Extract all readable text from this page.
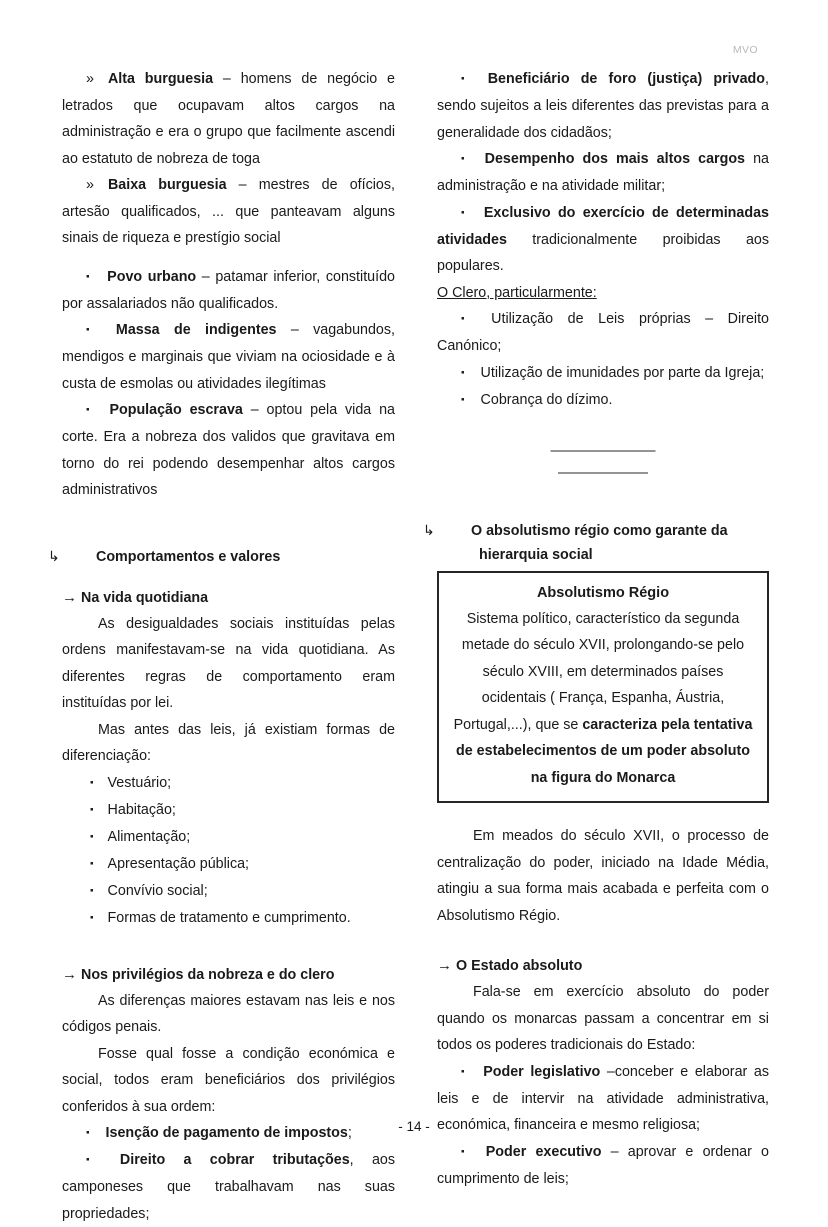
MVO

» Alta burguesia – homens de negócio e letrados que ocupavam altos cargos na administração e era o grupo que facilmente ascendi ao estatuto de nobreza de toga

» Baixa burguesia – mestres de ofícios, artesão qualificados, ... que panteavam alguns sinais de riqueza e prestígio social

▪ Povo urbano – patamar inferior, constituído por assalariados não qualificados.

▪ Massa de indigentes – vagabundos, mendigos e marginais que viviam na ociosidade e à custa de esmolas ou atividades ilegítimas

▪ População escrava – optou pela vida na corte. Era a nobreza dos validos que gravitava em torno do rei podendo desempenhar altos cargos administrativos

↳	Comportamentos e valores

→ Na vida quotidiana

As desigualdades sociais instituídas pelas ordens manifestavam-se na vida quotidiana. As diferentes regras de comportamento eram instituídas por lei.

Mas antes das leis, já existiam formas de diferenciação:

▪ Vestuário;

▪ Habitação;

▪ Alimentação;

▪ Apresentação pública;

▪ Convívio social;

▪ Formas de tratamento e cumprimento.

→ Nos privilégios da nobreza e do clero

As diferenças maiores estavam nas leis e nos códigos penais.

Fosse qual fosse a condição económica e social, todos eram beneficiários dos privilégios conferidos à sua ordem:

▪ Isenção de pagamento de impostos;

▪ Direito a cobrar tributações, aos camponeses que trabalhavam nas suas propriedades;

▪ Beneficiário de foro (justiça) privado, sendo sujeitos a leis diferentes das previstas para a generalidade dos cidadãos;

▪ Desempenho dos mais altos cargos na administração e na atividade militar;

▪ Exclusivo do exercício de determinadas atividades tradicionalmente proibidas aos populares.

O Clero, particularmente:

▪ Utilização de Leis próprias – Direito Canónico;

▪ Utilização de imunidades por parte da Igreja;

▪ Cobrança do dízimo.

———————
——————

↳	O absolutismo régio como garante da hierarquia social

Absolutismo Régio
Sistema político, característico da segunda metade do século XVII, prolongando-se pelo século XVIII, em determinados países ocidentais ( França, Espanha, Áustria, Portugal,...), que se caracteriza pela tentativa de estabelecimentos de um poder absoluto na figura do Monarca

Em meados do século XVII, o processo de centralização do poder, iniciado na Idade Média, atingiu a sua forma mais acabada e perfeita com o Absolutismo Régio.

→ O Estado absoluto

Fala-se em exercício absoluto do poder quando os monarcas passam a concentrar em si todos os poderes tradicionais do Estado:

▪ Poder legislativo –conceber e elaborar as leis e de intervir na atividade administrativa, económica, financeira e mesmo religiosa;

▪ Poder executivo – aprovar e ordenar o cumprimento de leis;

- 14 -
